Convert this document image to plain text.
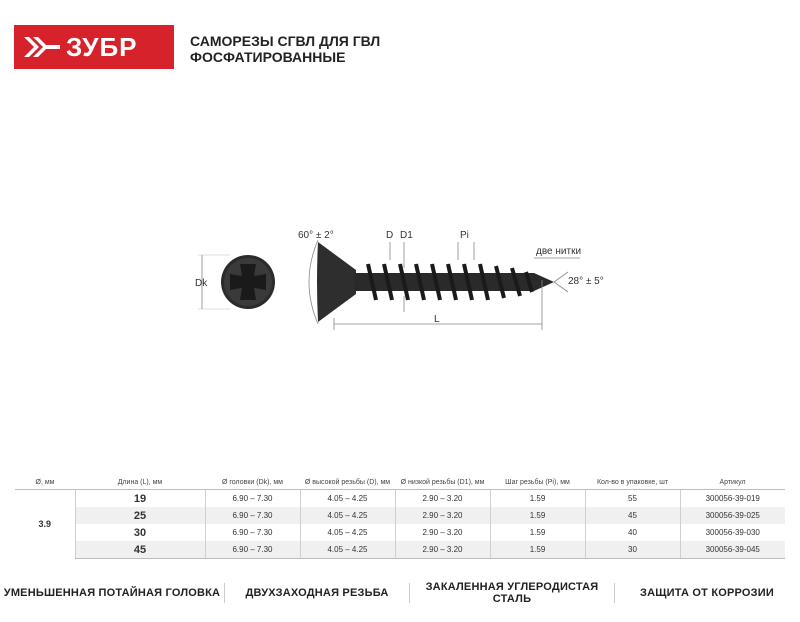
ЗУБР	САМОРЕЗЫ СГВЛ ДЛЯ ГВЛ
ФОСФАТИРОВАННЫЕ
Dk
60° ± 2°	D D1	Pi
две нитки
28° ± 5°
L
Ø, мм	Длина (L), мм	Ø головки (Dk), мм	Ø высокой резьбы (D), мм	Ø низкой резьбы (D1), мм	Шаг резьбы (Pi), мм	Кол-во в упаковке, шт	Артикул
3.9	19	6.90 – 7.30	4.05 – 4.25	2.90 – 3.20	1.59	55	300056-39-019
	25	6.90 – 7.30	4.05 – 4.25	2.90 – 3.20	1.59	45	300056-39-025
	30	6.90 – 7.30	4.05 – 4.25	2.90 – 3.20	1.59	40	300056-39-030
	45	6.90 – 7.30	4.05 – 4.25	2.90 – 3.20	1.59	30	300056-39-045
УМЕНЬШЕННАЯ ПОТАЙНАЯ ГОЛОВКА	ДВУХЗАХОДНАЯ РЕЗЬБА	ЗАКАЛЕННАЯ УГЛЕРОДИСТАЯ СТАЛЬ	ЗАЩИТА ОТ КОРРОЗИИ
